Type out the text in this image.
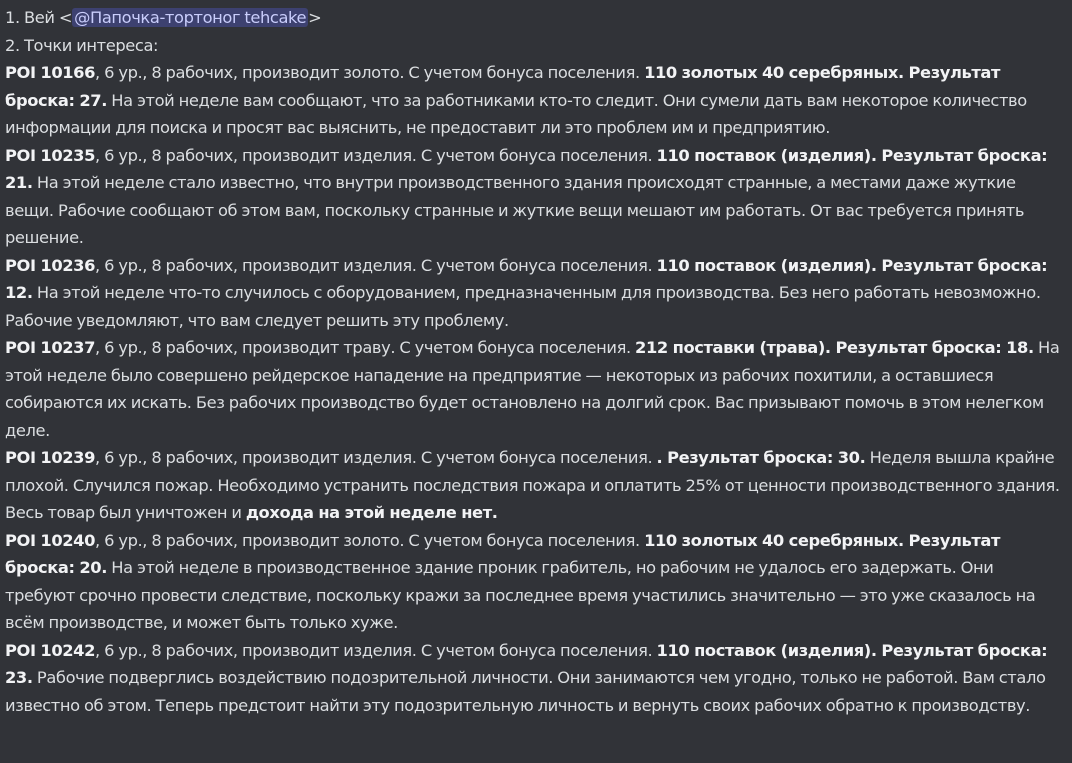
1. Вей < @Папочка-тортоног tehcake >
2. Точки интереса:

POI 10166, 6 ур., 8 рабочих, производит золото. С учетом бонуса поселения. 110 золотых 40 серебряных. Результат броска: 27. На этой неделе вам сообщают, что за работниками кто-то следит. Они сумели дать вам некоторое количество информации для поиска и просят вас выяснить, не предоставит ли это проблем им и предприятию.

POI 10235, 6 ур., 8 рабочих, производит изделия. С учетом бонуса поселения. 110 поставок (изделия). Результат броска: 21. На этой неделе стало известно, что внутри производственного здания происходят странные, а местами даже жуткие вещи. Рабочие сообщают об этом вам, поскольку странные и жуткие вещи мешают им работать. От вас требуется принять решение.

POI 10236, 6 ур., 8 рабочих, производит изделия. С учетом бонуса поселения. 110 поставок (изделия). Результат броска: 12. На этой неделе что-то случилось с оборудованием, предназначенным для производства. Без него работать невозможно. Рабочие уведомляют, что вам следует решить эту проблему.

POI 10237, 6 ур., 8 рабочих, производит траву. С учетом бонуса поселения. 212 поставки (трава). Результат броска: 18. На этой неделе было совершено рейдерское нападение на предприятие — некоторых из рабочих похитили, а оставшиеся собираются их искать. Без рабочих производство будет остановлено на долгий срок. Вас призывают помочь в этом нелегком деле.

POI 10239, 6 ур., 8 рабочих, производит изделия. С учетом бонуса поселения. . Результат броска: 30. Неделя вышла крайне плохой. Случился пожар. Необходимо устранить последствия пожара и оплатить 25% от ценности производственного здания. Весь товар был уничтожен и дохода на этой неделе нет.

POI 10240, 6 ур., 8 рабочих, производит золото. С учетом бонуса поселения. 110 золотых 40 серебряных. Результат броска: 20. На этой неделе в производственное здание проник грабитель, но рабочим не удалось его задержать. Они требуют срочно провести следствие, поскольку кражи за последнее время участились значительно — это уже сказалось на всём производстве, и может быть только хуже.

POI 10242, 6 ур., 8 рабочих, производит изделия. С учетом бонуса поселения. 110 поставок (изделия). Результат броска: 23. Рабочие подверглись воздействию подозрительной личности. Они занимаются чем угодно, только не работой. Вам стало известно об этом. Теперь предстоит найти эту подозрительную личность и вернуть своих рабочих обратно к производству.
